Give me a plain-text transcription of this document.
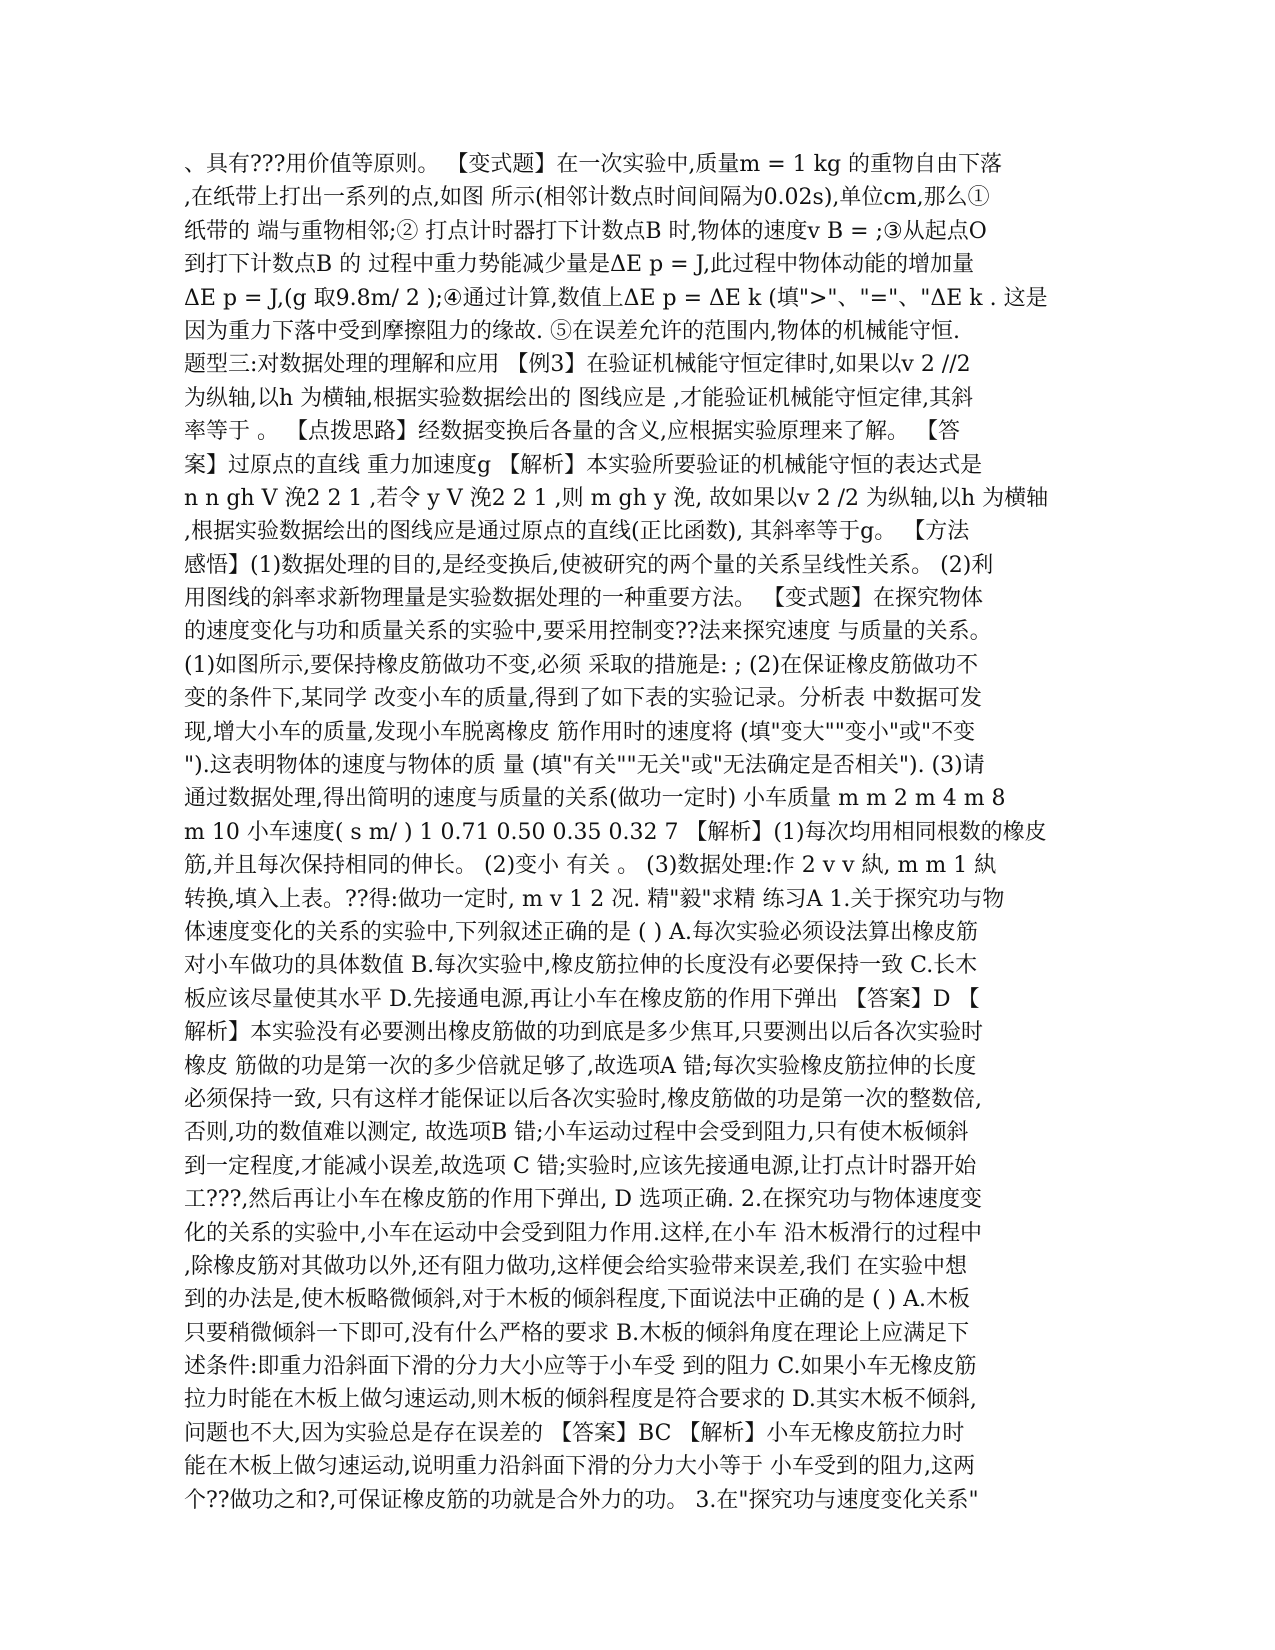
、具有???用价值等原则。 【变式题】在一次实验中,质量m = 1 kg 的重物自由下落
,在纸带上打出一系列的点,如图 所示(相邻计数点时间间隔为0.02s),单位cm,那么①
纸带的 端与重物相邻;② 打点计时器打下计数点B 时,物体的速度v B = ;③从起点O
到打下计数点B 的 过程中重力势能减少量是ΔE p = J,此过程中物体动能的增加量
ΔE p = J,(g 取9.8m/ 2 );④通过计算,数值上ΔE p = ΔE k (填">"、"="、"ΔE k . 这是
因为重力下落中受到摩擦阻力的缘故. ⑤在误差允许的范围内,物体的机械能守恒.
题型三:对数据处理的理解和应用 【例3】在验证机械能守恒定律时,如果以v 2 //2
为纵轴,以h 为横轴,根据实验数据绘出的 图线应是 ,才能验证机械能守恒定律,其斜
率等于 。 【点拨思路】经数据变换后各量的含义,应根据实验原理来了解。 【答
案】过原点的直线 重力加速度g 【解析】本实验所要验证的机械能守恒的表达式是
n n gh V 浼2 2 1 ,若令 y V 浼2 2 1 ,则 m gh y 浼, 故如果以v 2 /2 为纵轴,以h 为横轴
,根据实验数据绘出的图线应是通过原点的直线(正比函数), 其斜率等于g。 【方法
感悟】(1)数据处理的目的,是经变换后,使被研究的两个量的关系呈线性关系。 (2)利
用图线的斜率求新物理量是实验数据处理的一种重要方法。 【变式题】在探究物体
的速度变化与功和质量关系的实验中,要采用控制变??法来探究速度 与质量的关系。
(1)如图所示,要保持橡皮筋做功不变,必须 采取的措施是: ; (2)在保证橡皮筋做功不
变的条件下,某同学 改变小车的质量,得到了如下表的实验记录。分析表 中数据可发
现,增大小车的质量,发现小车脱离橡皮 筋作用时的速度将 (填"变大""变小"或"不变
").这表明物体的速度与物体的质 量 (填"有关""无关"或"无法确定是否相关"). (3)请
通过数据处理,得出简明的速度与质量的关系(做功一定时) 小车质量 m m 2 m 4 m 8
m 10 小车速度( s m/ ) 1 0.71 0.50 0.35 0.32 7 【解析】(1)每次均用相同根数的橡皮
筋,并且每次保持相同的伸长。 (2)变小 有关 。 (3)数据处理:作 2 v v 紈, m m 1 紈
转换,填入上表。??得:做功一定时, m v 1 2 况. 精"毅"求精 练习A 1.关于探究功与物
体速度变化的关系的实验中,下列叙述正确的是 ( ) A.每次实验必须设法算出橡皮筋
对小车做功的具体数值 B.每次实验中,橡皮筋拉伸的长度没有必要保持一致 C.长木
板应该尽量使其水平 D.先接通电源,再让小车在橡皮筋的作用下弹出 【答案】D 【
解析】本实验没有必要测出橡皮筋做的功到底是多少焦耳,只要测出以后各次实验时
橡皮 筋做的功是第一次的多少倍就足够了,故选项A 错;每次实验橡皮筋拉伸的长度
必须保持一致, 只有这样才能保证以后各次实验时,橡皮筋做的功是第一次的整数倍,
否则,功的数值难以测定, 故选项B 错;小车运动过程中会受到阻力,只有使木板倾斜
到一定程度,才能减小误差,故选项 C 错;实验时,应该先接通电源,让打点计时器开始
工???,然后再让小车在橡皮筋的作用下弹出, D 选项正确. 2.在探究功与物体速度变
化的关系的实验中,小车在运动中会受到阻力作用.这样,在小车 沿木板滑行的过程中
,除橡皮筋对其做功以外,还有阻力做功,这样便会给实验带来误差,我们 在实验中想
到的办法是,使木板略微倾斜,对于木板的倾斜程度,下面说法中正确的是 ( ) A.木板
只要稍微倾斜一下即可,没有什么严格的要求 B.木板的倾斜角度在理论上应满足下
述条件:即重力沿斜面下滑的分力大小应等于小车受 到的阻力 C.如果小车无橡皮筋
拉力时能在木板上做匀速运动,则木板的倾斜程度是符合要求的 D.其实木板不倾斜,
问题也不大,因为实验总是存在误差的 【答案】BC 【解析】小车无橡皮筋拉力时
能在木板上做匀速运动,说明重力沿斜面下滑的分力大小等于 小车受到的阻力,这两
个??做功之和?,可保证橡皮筋的功就是合外力的功。 3.在"探究功与速度变化关系"
